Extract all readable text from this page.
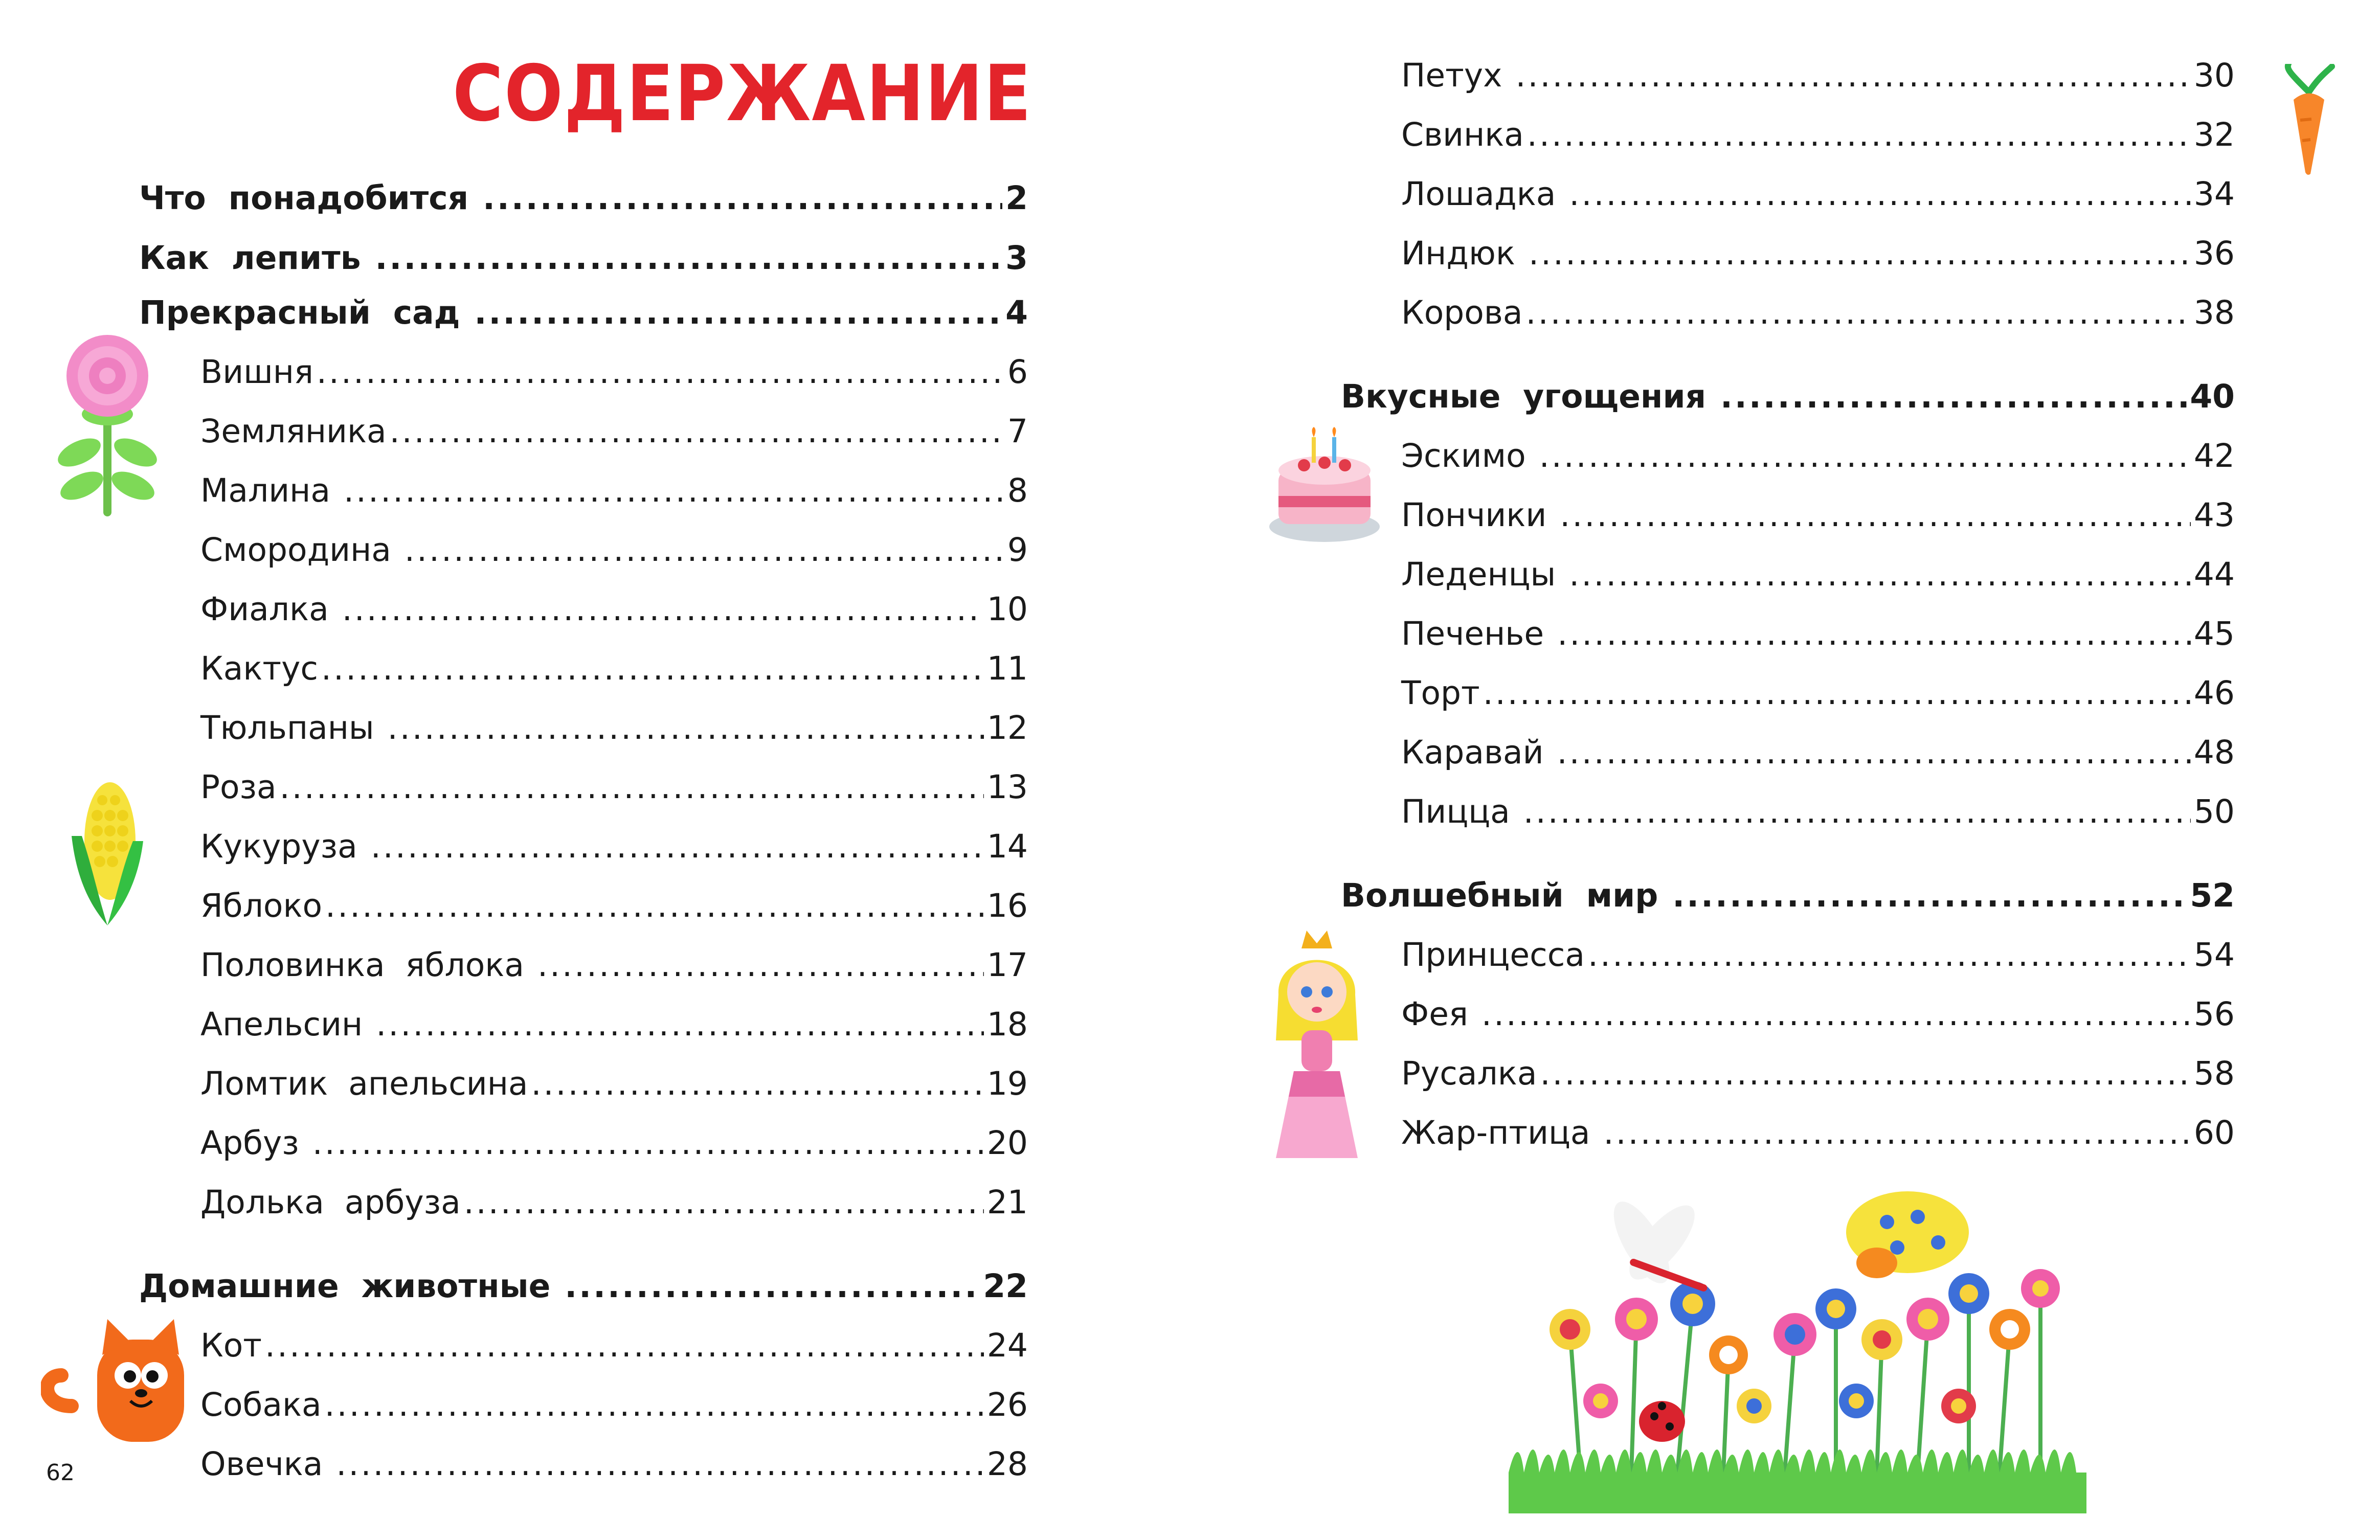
СОДЕРЖАНИЕ
Что  понадобится .....	2
Как  лепить .....	3
Прекрасный  сад .....	4
Вишня .....	6
Земляника .....	7
Малина .....	8
Смородина .....	9
Фиалка .....	10
Кактус .....	11
Тюльпаны .....	12
Роза .....	13
Кукуруза .....	14
Яблоко .....	16
Половинка  яблока .....	17
Апельсин .....	18
Ломтик  апельсина .....	19
Арбуз .....	20
Долька  арбуза .....	21
Домашние  животные .....	22
Кот .....	24
Собака .....	26
Овечка .....	28
Петух .....	30
Свинка .....	32
Лошадка .....	34
Индюк .....	36
Корова .....	38
Вкусные  угощения .....	40
Эскимо .....	42
Пончики .....	43
Леденцы .....	44
Печенье .....	45
Торт .....	46
Каравай .....	48
Пицца .....	50
Волшебный  мир .....	52
Принцесса .....	54
Фея .....	56
Русалка .....	58
Жар-птица .....	60
62
